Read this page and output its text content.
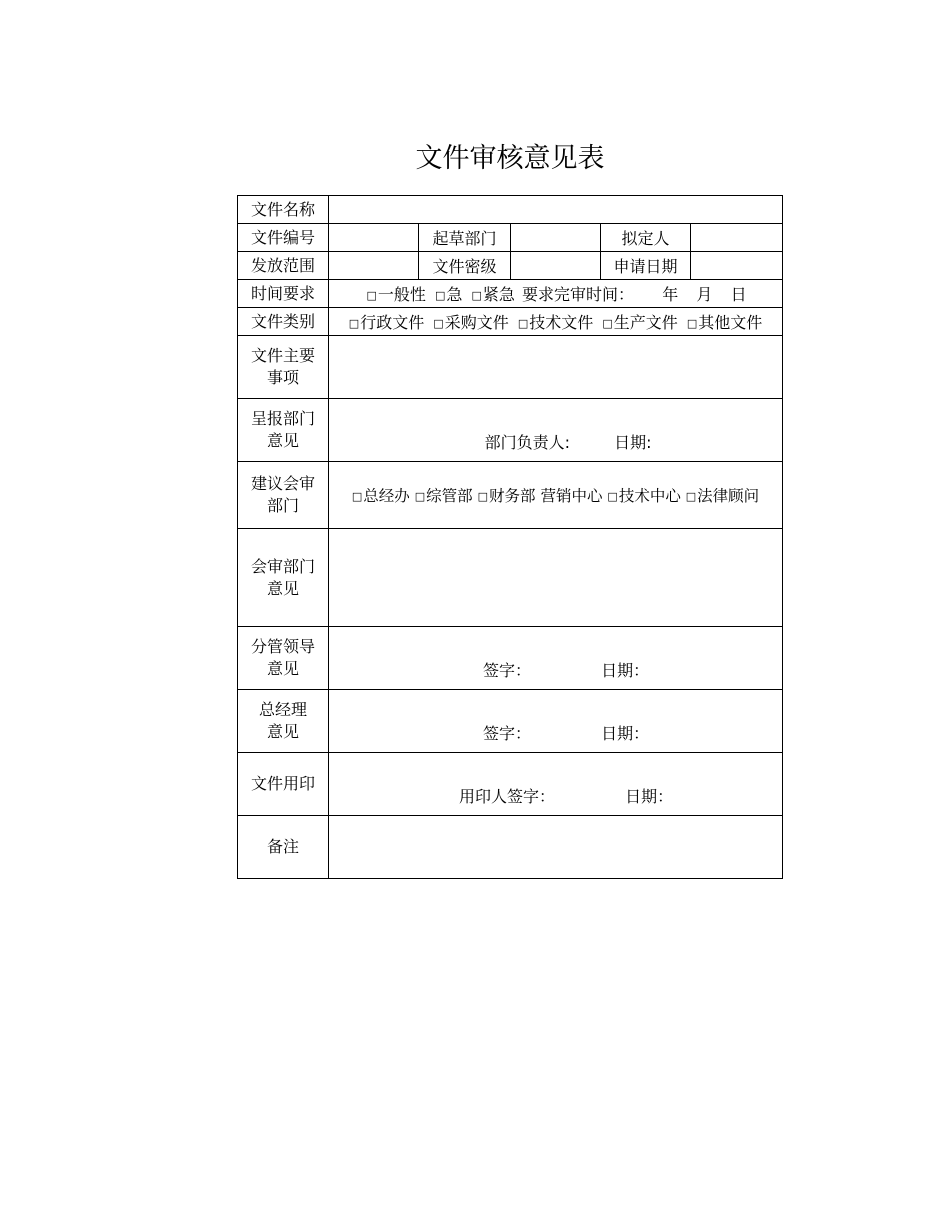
文件审核意见表
文件名称					
文件编号		起草部门		拟定人	
发放范围		文件密级		申请日期	
时间要求	□一般性 □急 □紧急 要求完审时间： 年 月 日				
文件类别	□行政文件 □采购文件 □技术文件 □生产文件 □其他文件				

文件主要
事项					

呈报部门
意见	部门负责人: 日期:				

建议会审
部门	□总经办 □综管部 □财务部 营销中心 □技术中心 □法律顾问				

会审部门
意见					

分管领导
意见	签字： 日期：				

总经理
意见	签字： 日期：				
文件用印	用印人签字： 日期：				
备注					
